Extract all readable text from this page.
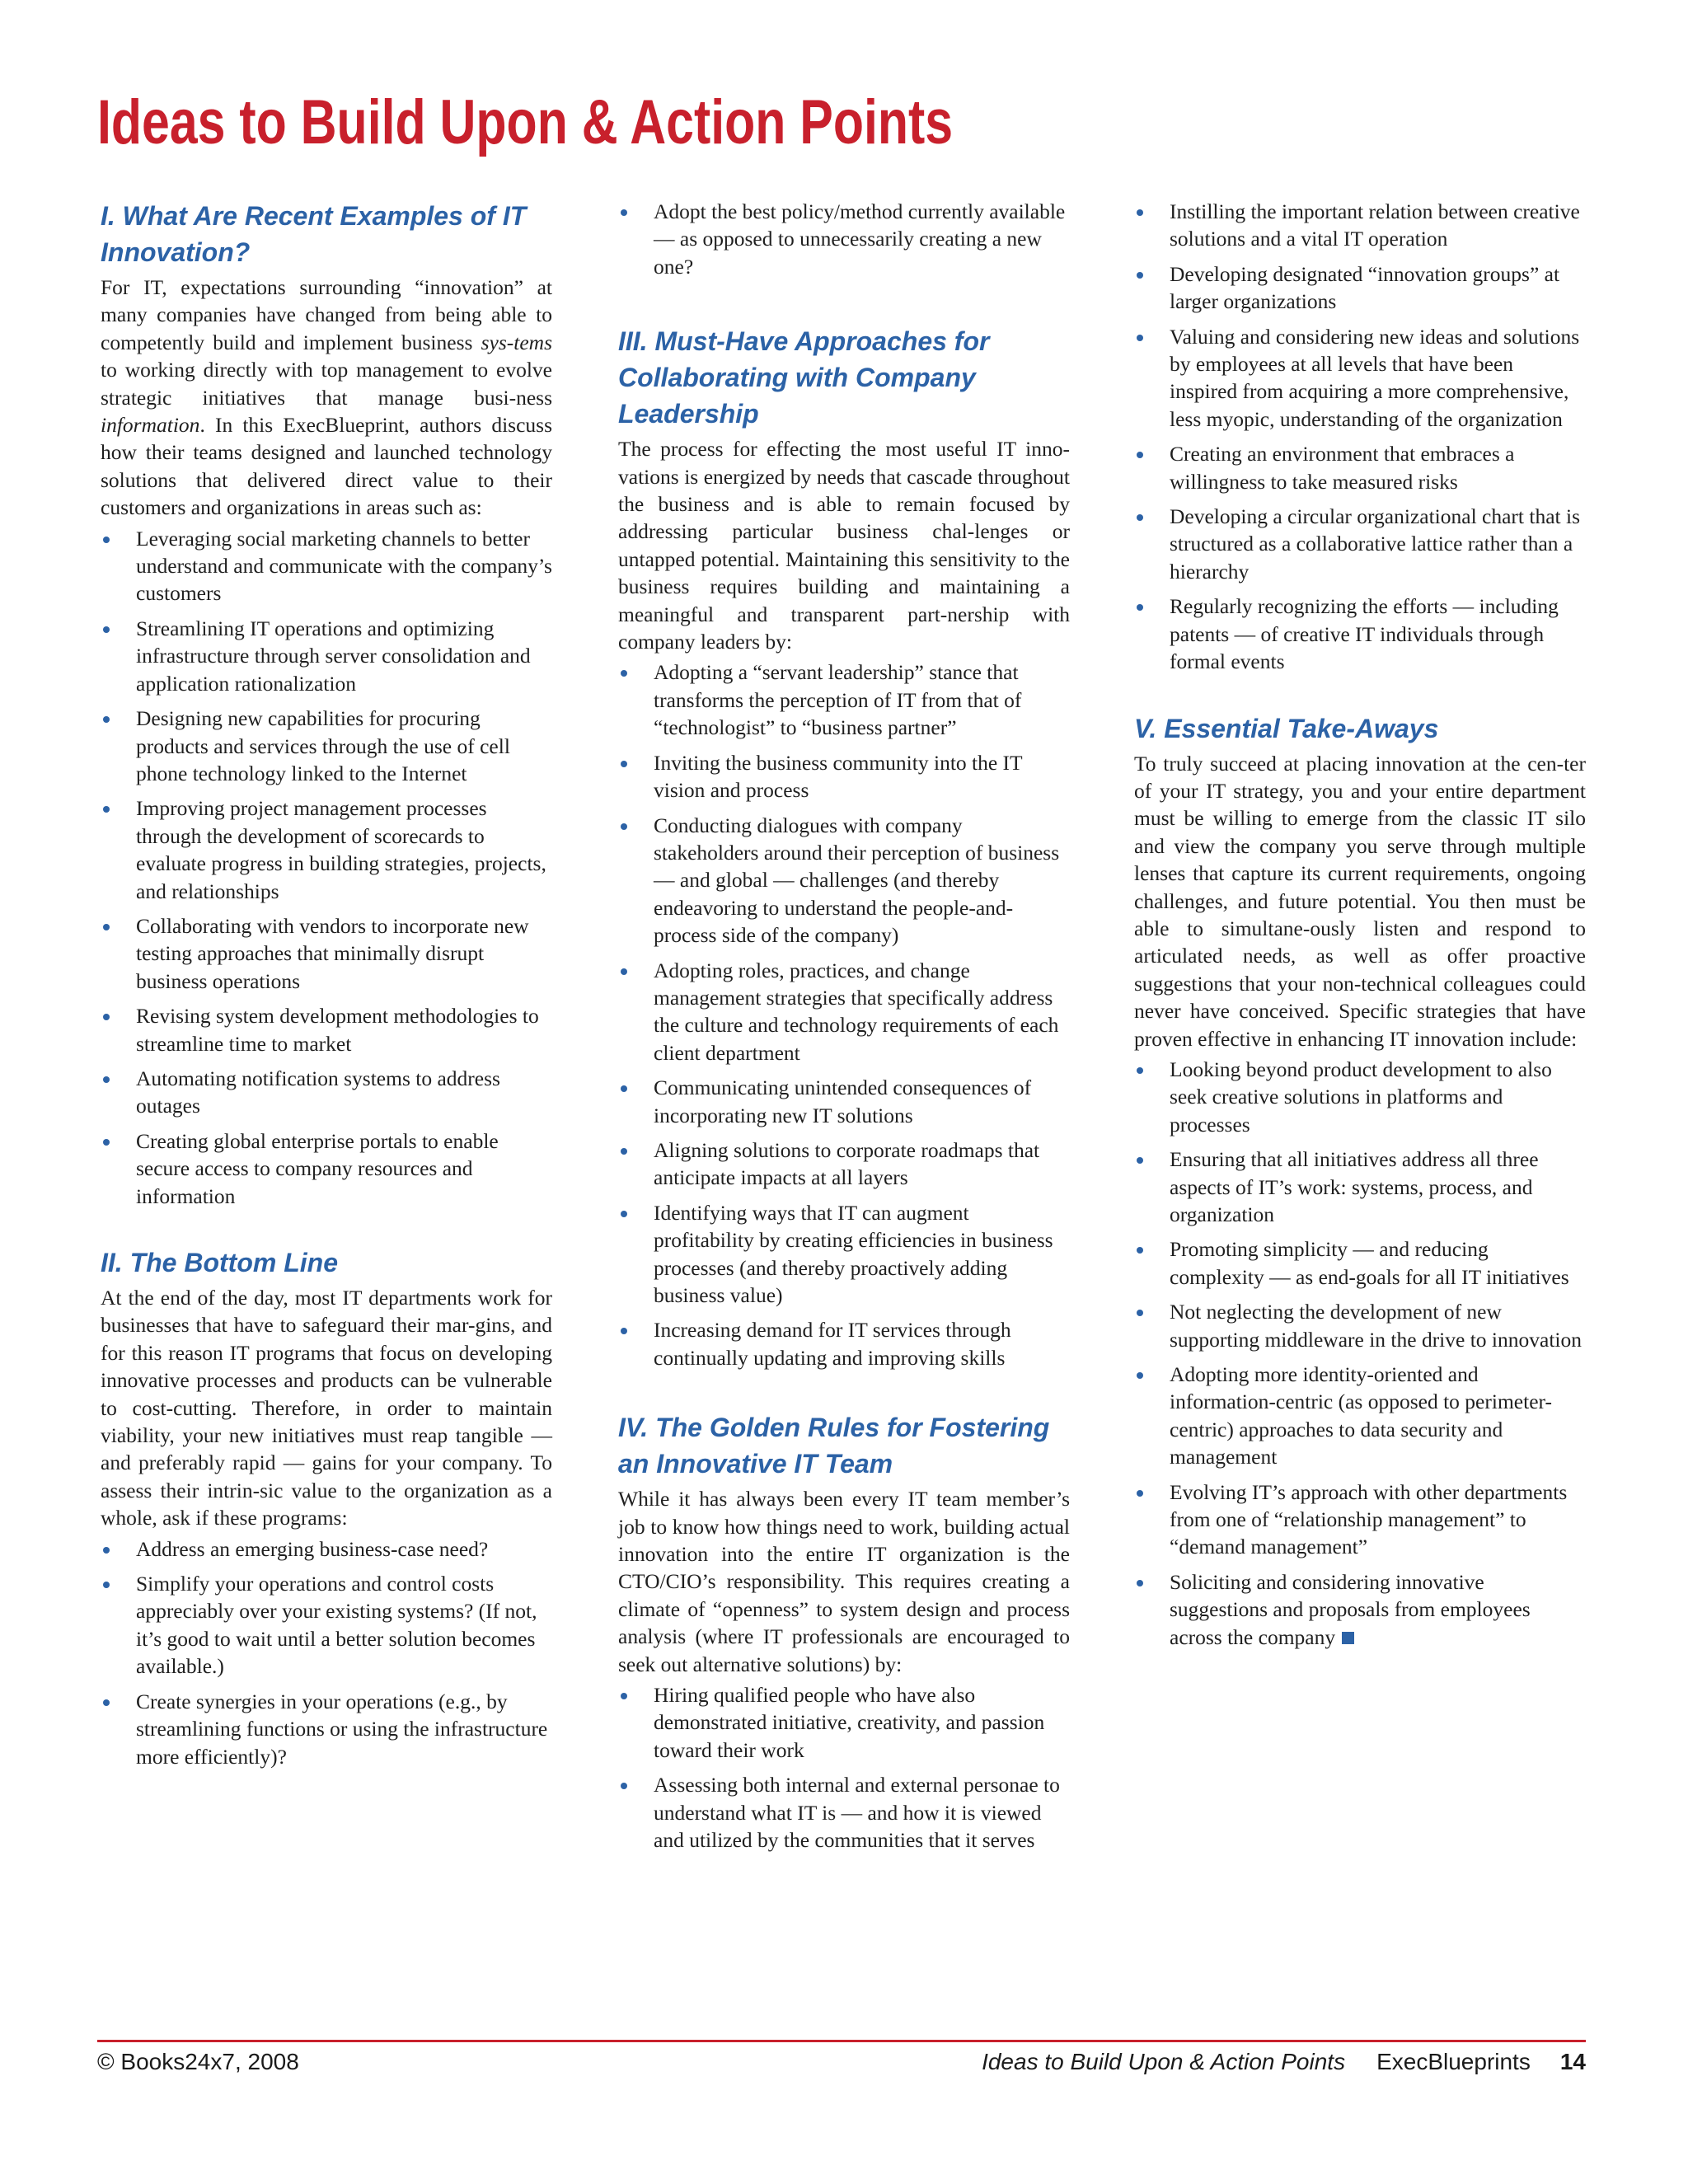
Ideas to Build Upon & Action Points
I. What Are Recent Examples of IT Innovation?

For IT, expectations surrounding “innovation” at many companies have changed from being able to competently build and implement business sys-tems to working directly with top management to evolve strategic initiatives that manage busi-ness information. In this ExecBlueprint, authors discuss how their teams designed and launched technology solutions that delivered direct value to their customers and organizations in areas such as:

Leveraging social marketing channels to better understand and communicate with the company’s customers
Streamlining IT operations and optimizing infrastructure through server consolidation and application rationalization
Designing new capabilities for procuring products and services through the use of cell phone technology linked to the Internet
Improving project management processes through the development of scorecards to evaluate progress in building strategies, projects, and relationships
Collaborating with vendors to incorporate new testing approaches that minimally disrupt business operations
Revising system development methodologies to streamline time to market
Automating notification systems to address outages
Creating global enterprise portals to enable secure access to company resources and information
II. The Bottom Line

At the end of the day, most IT departments work for businesses that have to safeguard their mar-gins, and for this reason IT programs that focus on developing innovative processes and products can be vulnerable to cost-cutting. Therefore, in order to maintain viability, your new initiatives must reap tangible — and preferably rapid — gains for your company. To assess their intrin-sic value to the organization as a whole, ask if these programs:

Address an emerging business-case need?
Simplify your operations and control costs appreciably over your existing systems? (If not, it’s good to wait until a better solution becomes available.)
Create synergies in your operations (e.g., by streamlining functions or using the infrastructure more efficiently)?
Adopt the best policy/method currently available — as opposed to unnecessarily creating a new one?
III. Must-Have Approaches for Collaborating with Company Leadership

The process for effecting the most useful IT inno-vations is energized by needs that cascade throughout the business and is able to remain focused by addressing particular business chal-lenges or untapped potential. Maintaining this sensitivity to the business requires building and maintaining a meaningful and transparent part-nership with company leaders by:

Adopting a “servant leadership” stance that transforms the perception of IT from that of “technologist” to “business partner”
Inviting the business community into the IT vision and process
Conducting dialogues with company stakeholders around their perception of business — and global — challenges (and thereby endeavoring to understand the people-and-process side of the company)
Adopting roles, practices, and change management strategies that specifically address the culture and technology requirements of each client department
Communicating unintended consequences of incorporating new IT solutions
Aligning solutions to corporate roadmaps that anticipate impacts at all layers
Identifying ways that IT can augment profitability by creating efficiencies in business processes (and thereby proactively adding business value)
Increasing demand for IT services through continually updating and improving skills
IV. The Golden Rules for Fostering an Innovative IT Team

While it has always been every IT team member’s job to know how things need to work, building actual innovation into the entire IT organization is the CTO/CIO’s responsibility. This requires creating a climate of “openness” to system design and process analysis (where IT professionals are encouraged to seek out alternative solutions) by:

Hiring qualified people who have also demonstrated initiative, creativity, and passion toward their work
Assessing both internal and external personae to understand what IT is — and how it is viewed and utilized by the communities that it serves
Instilling the important relation between creative solutions and a vital IT operation
Developing designated “innovation groups” at larger organizations
Valuing and considering new ideas and solutions by employees at all levels that have been inspired from acquiring a more comprehensive, less myopic, understanding of the organization
Creating an environment that embraces a willingness to take measured risks
Developing a circular organizational chart that is structured as a collaborative lattice rather than a hierarchy
Regularly recognizing the efforts — including patents — of creative IT individuals through formal events
V. Essential Take-Aways

To truly succeed at placing innovation at the cen-ter of your IT strategy, you and your entire department must be willing to emerge from the classic IT silo and view the company you serve through multiple lenses that capture its current requirements, ongoing challenges, and future potential. You then must be able to simultane-ously listen and respond to articulated needs, as well as offer proactive suggestions that your non-technical colleagues could never have conceived. Specific strategies that have proven effective in enhancing IT innovation include:

Looking beyond product development to also seek creative solutions in platforms and processes
Ensuring that all initiatives address all three aspects of IT’s work: systems, process, and organization
Promoting simplicity — and reducing complexity — as end-goals for all IT initiatives
Not neglecting the development of new supporting middleware in the drive to innovation
Adopting more identity-oriented and information-centric (as opposed to perimeter-centric) approaches to data security and management
Evolving IT’s approach with other departments from one of “relationship management” to “demand management”
Soliciting and considering innovative suggestions and proposals from employees across the company
© Books24x7, 2008	Ideas to Build Upon & Action Points ExecBlueprints 14
